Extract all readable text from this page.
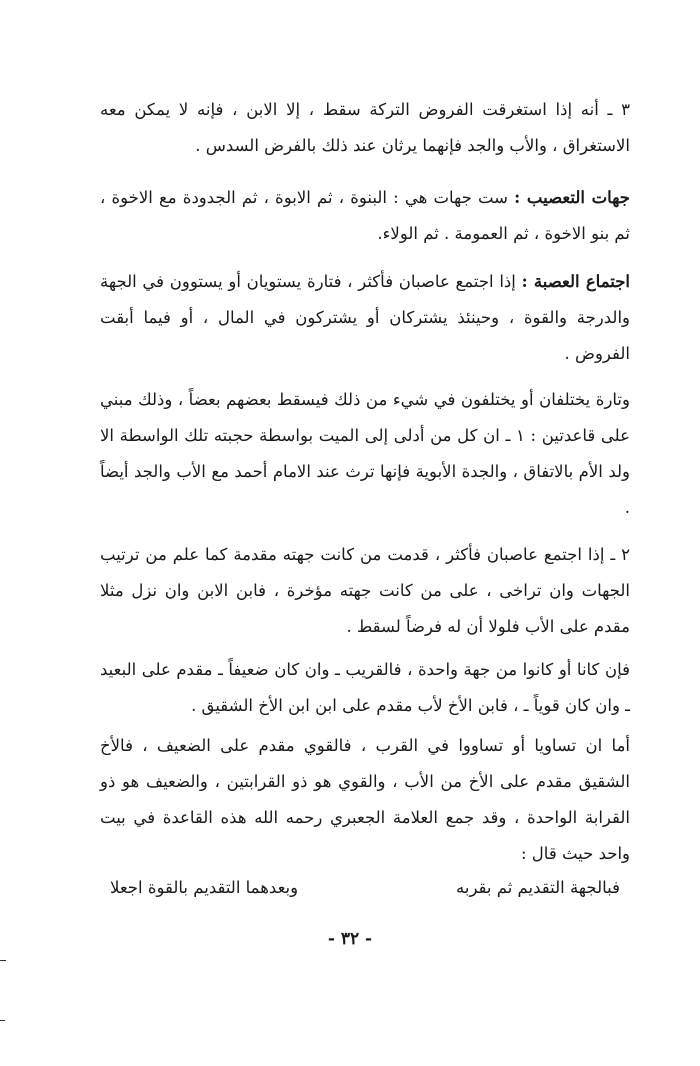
٣ ـ أنه إذا استغرقت الفروض التركة سقط ، إلا الابن ، فإنه لا يمكن معه الاستغراق ، والأب والجد فإنهما يرثان عند ذلك بالفرض السدس .

جهات التعصيب : ست جهات هي : البنوة ، ثم الابوة ، ثم الجدودة مع الاخوة ، ثم بنو الاخوة ، ثم العمومة . ثم الولاء.

اجتماع العصبة : إذا اجتمع عاصبان فأكثر ، فتارة يستويان أو يستوون في الجهة والدرجة والقوة ، وحينئذ يشتركان أو يشتركون في المال ، أو فيما أبقت الفروض .

وتارة يختلفان أو يختلفون في شيء من ذلك فيسقط بعضهم بعضاً ، وذلك مبني على قاعدتين : ١ ـ ان كل من أدلى إلى الميت بواسطة حجبته تلك الواسطة الا ولد الأم بالاتفاق ، والجدة الأبوية فإنها ترث عند الامام أحمد مع الأب والجد أيضاً .

٢ ـ إذا اجتمع عاصبان فأكثر ، قدمت من كانت جهته مقدمة كما علم من ترتيب الجهات وان تراخى ، على من كانت جهته مؤخرة ، فابن الابن وان نزل مثلا مقدم على الأب فلولا أن له فرضاً لسقط .

فإن كانا أو كانوا من جهة واحدة ، فالقريب ـ وان كان ضعيفاً ـ مقدم على البعيد ـ وان كان قوياً ـ ، فابن الأخ لأب مقدم على ابن ابن الأخ الشقيق .

أما ان تساويا أو تساووا في القرب ، فالقوي مقدم على الضعيف ، فالأخ الشقيق مقدم على الأخ من الأب ، والقوي هو ذو القرابتين ، والضعيف هو ذو القرابة الواحدة ، وقد جمع العلامة الجعبري رحمه الله هذه القاعدة في بيت واحد حيث قال :

فبالجهة التقديم ثم بقربه
وبعدهما التقديم بالقوة اجعلا
- ٣٢ -
